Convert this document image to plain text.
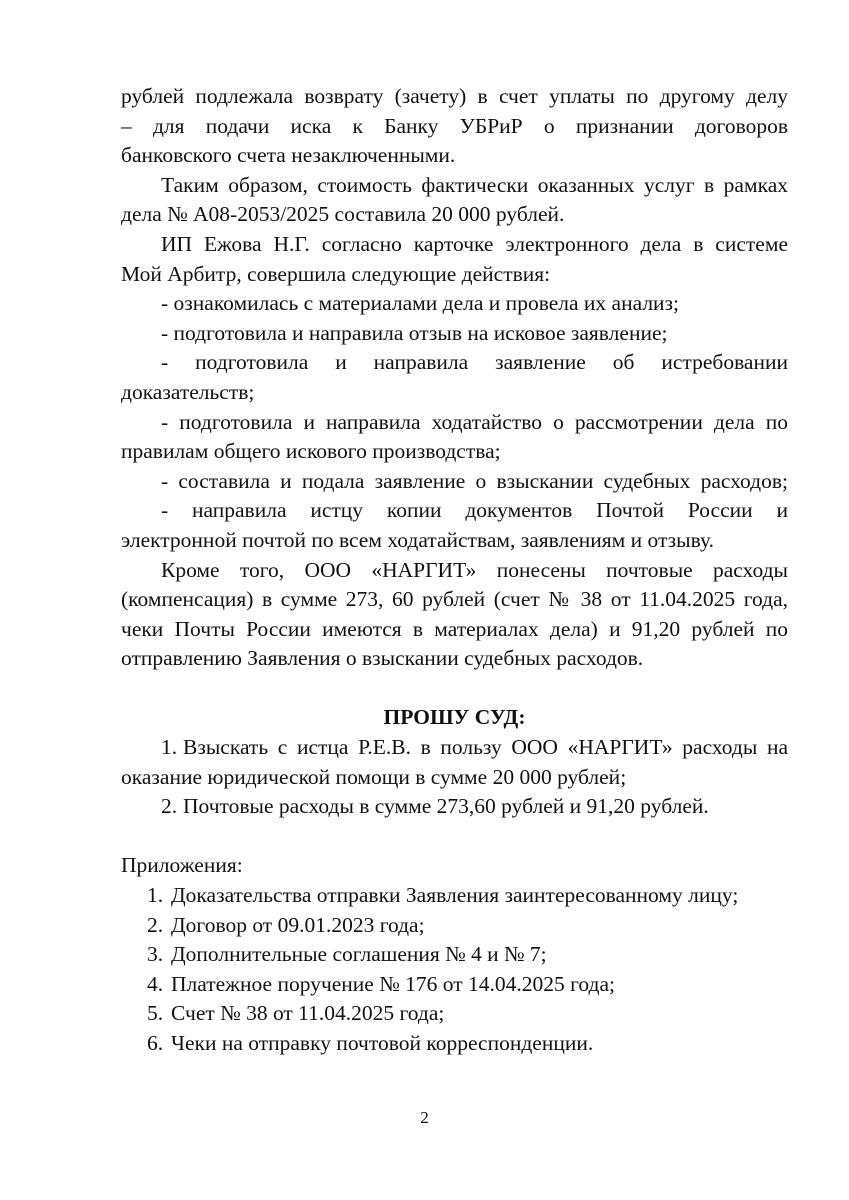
рублей подлежала возврату (зачету) в счет уплаты по другому делу
– для подачи иска к Банку УБРиР о признании договоров
банковского счета незаключенными.
Таким образом, стоимость фактически оказанных услуг в рамках
дела № А08-2053/2025 составила 20 000 рублей.
ИП Ежова Н.Г. согласно карточке электронного дела в системе
Мой Арбитр, совершила следующие действия:
- ознакомилась с материалами дела и провела их анализ;
- подготовила и направила отзыв на исковое заявление;
- подготовила и направила заявление об истребовании
доказательств;
- подготовила и направила ходатайство о рассмотрении дела по
правилам общего искового производства;
- составила и подала заявление о взыскании судебных расходов;
- направила истцу копии документов Почтой России и
электронной почтой по всем ходатайствам, заявлениям и отзыву.
Кроме того, ООО «НАРГИТ» понесены почтовые расходы
(компенсация) в сумме 273, 60 рублей (счет № 38 от 11.04.2025 года,
чеки Почты России имеются в материалах дела) и 91,20 рублей по
отправлению Заявления о взыскании судебных расходов.
ПРОШУ СУД:
1. Взыскать с истца Р.Е.В. в пользу ООО «НАРГИТ» расходы на
оказание юридической помощи в сумме 20 000 рублей;
2. Почтовые расходы в сумме 273,60 рублей и 91,20 рублей.
Приложения:
1. Доказательства отправки Заявления заинтересованному лицу;
2. Договор от 09.01.2023 года;
3. Дополнительные соглашения № 4 и № 7;
4. Платежное поручение № 176 от 14.04.2025 года;
5. Счет № 38 от 11.04.2025 года;
6. Чеки на отправку почтовой корреспонденции.
2
